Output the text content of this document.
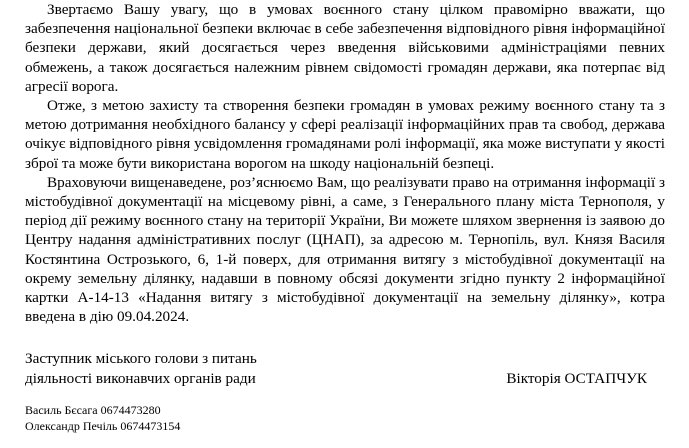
Звертаємо Вашу увагу, що в умовах воєнного стану цілком правомірно вважати, що забезпечення національної безпеки включає в себе забезпечення відповідного рівня інформаційної безпеки держави, який досягається через введення військовими адміністраціями певних обмежень, а також досягається належним рівнем свідомості громадян держави, яка потерпає від агресії ворога.

Отже, з метою захисту та створення безпеки громадян в умовах режиму воєнного стану та з метою дотримання необхідного балансу у сфері реалізації інформаційних прав та свобод, держава очікує відповідного рівня усвідомлення громадянами ролі інформації, яка може виступати у якості зброї та може бути використана ворогом на шкоду національній безпеці.

Враховуючи вищенаведене, роз’яснюємо Вам, що реалізувати право на отримання інформації з містобудівної документації на місцевому рівні, а саме, з Генерального плану міста Тернополя, у період дії режиму воєнного стану на території України, Ви можете шляхом звернення із заявою до Центру надання адміністративних послуг (ЦНАП), за адресою м. Тернопіль, вул. Князя Василя Костянтина Острозького, 6, 1-й поверх, для отримання витягу з містобудівної документації на окрему земельну ділянку, надавши в повному обсязі документи згідно пункту 2 інформаційної картки А-14-13 «Надання витягу з містобудівної документації на земельну ділянку», котра введена в дію 09.04.2024.

Заступник міського голови з питань діяльності виконавчих органів ради	Вікторія ОСТАПЧУК
Василь Бєсага 0674473280
Олександр Печіль 0674473154
